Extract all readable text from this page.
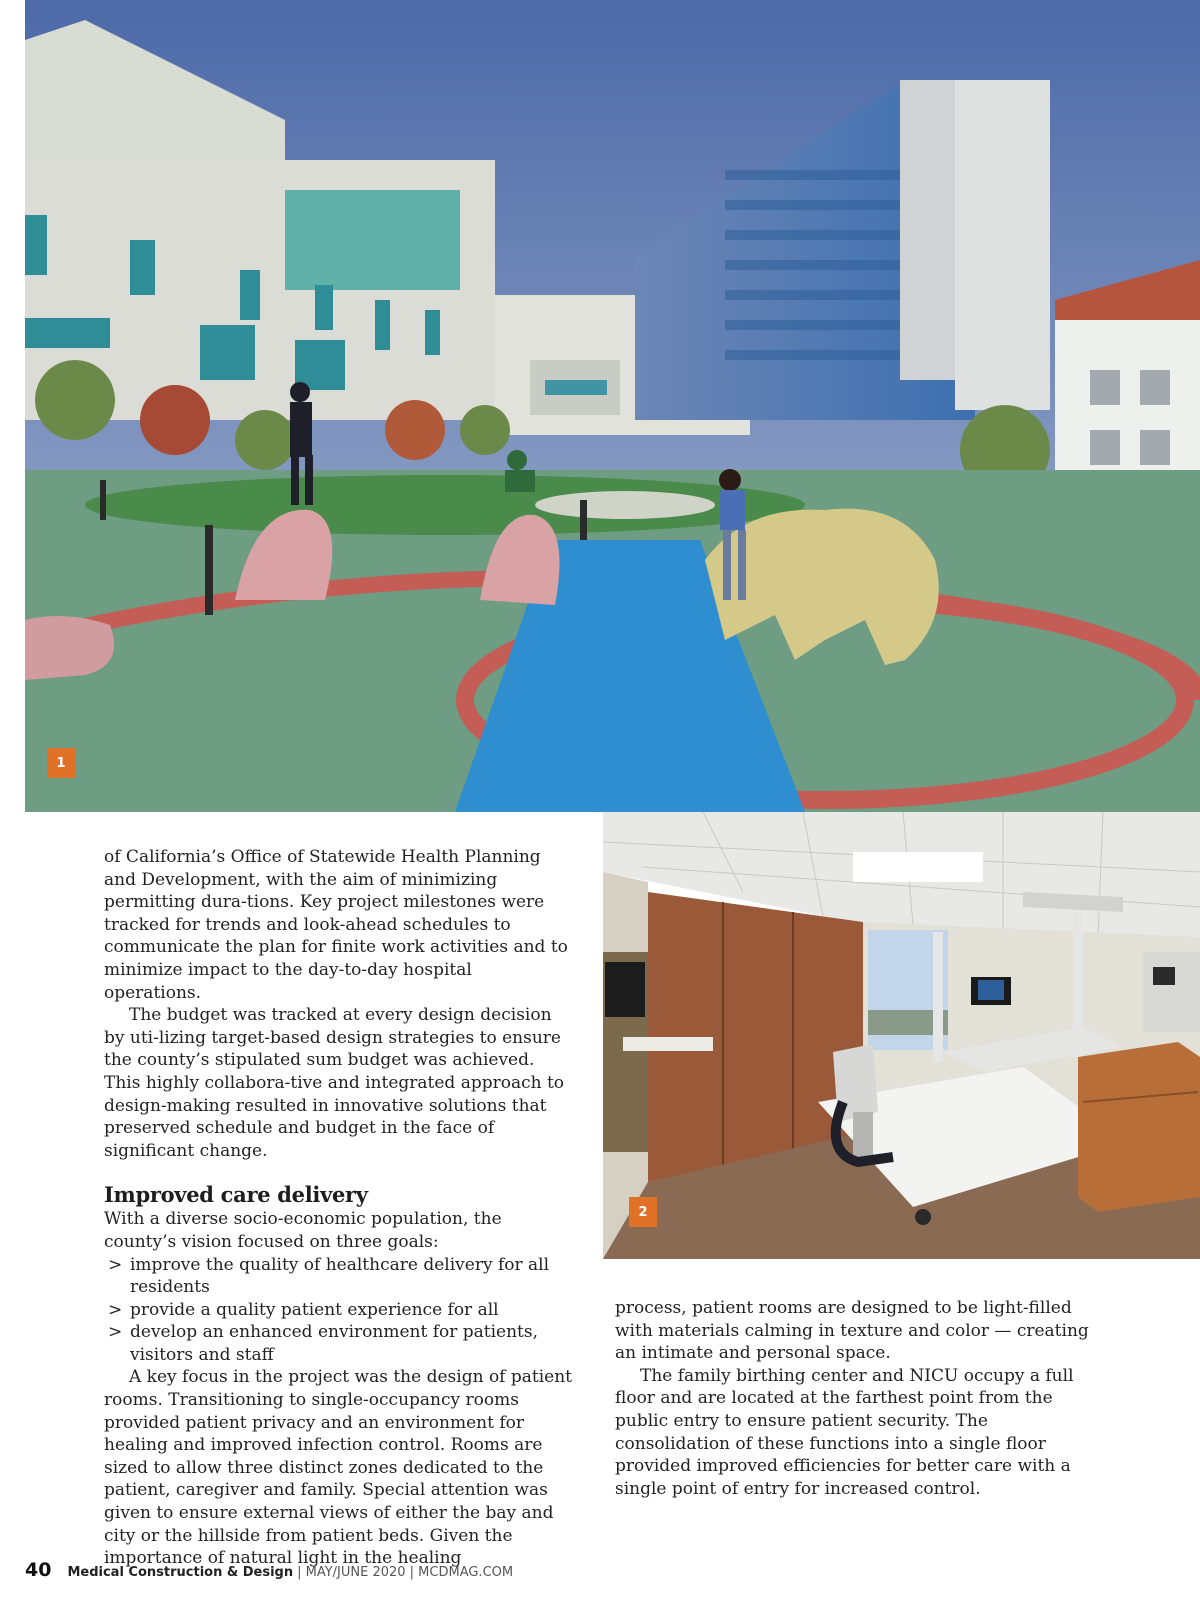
1
2

of California’s Office of Statewide Health Planning and Development, with the aim of minimizing permitting dura-tions. Key project milestones were tracked for trends and look-ahead schedules to communicate the plan for finite work activities and to minimize impact to the day-to-day hospital operations.

The budget was tracked at every design decision by uti-lizing target-based design strategies to ensure the county’s stipulated sum budget was achieved. This highly collabora-tive and integrated approach to design-making resulted in innovative solutions that preserved schedule and budget in the face of significant change.

Improved care delivery

With a diverse socio-economic population, the county’s vision focused on three goals:

> improve the quality of healthcare delivery for all residents
> provide a quality patient experience for all
> develop an enhanced environment for patients, visitors and staff

A key focus in the project was the design of patient rooms. Transitioning to single-occupancy rooms provided patient privacy and an environment for healing and improved infection control. Rooms are sized to allow three distinct zones dedicated to the patient, caregiver and family. Special attention was given to ensure external views of either the bay and city or the hillside from patient beds. Given the importance of natural light in the healing

process, patient rooms are designed to be light-filled with materials calming in texture and color — creating an intimate and personal space.

The family birthing center and NICU occupy a full floor and are located at the farthest point from the public entry to ensure patient security. The consolidation of these functions into a single floor provided improved efficiencies for better care with a single point of entry for increased control.

40 Medical Construction & Design | MAY/JUNE 2020 | MCDMAG.COM
